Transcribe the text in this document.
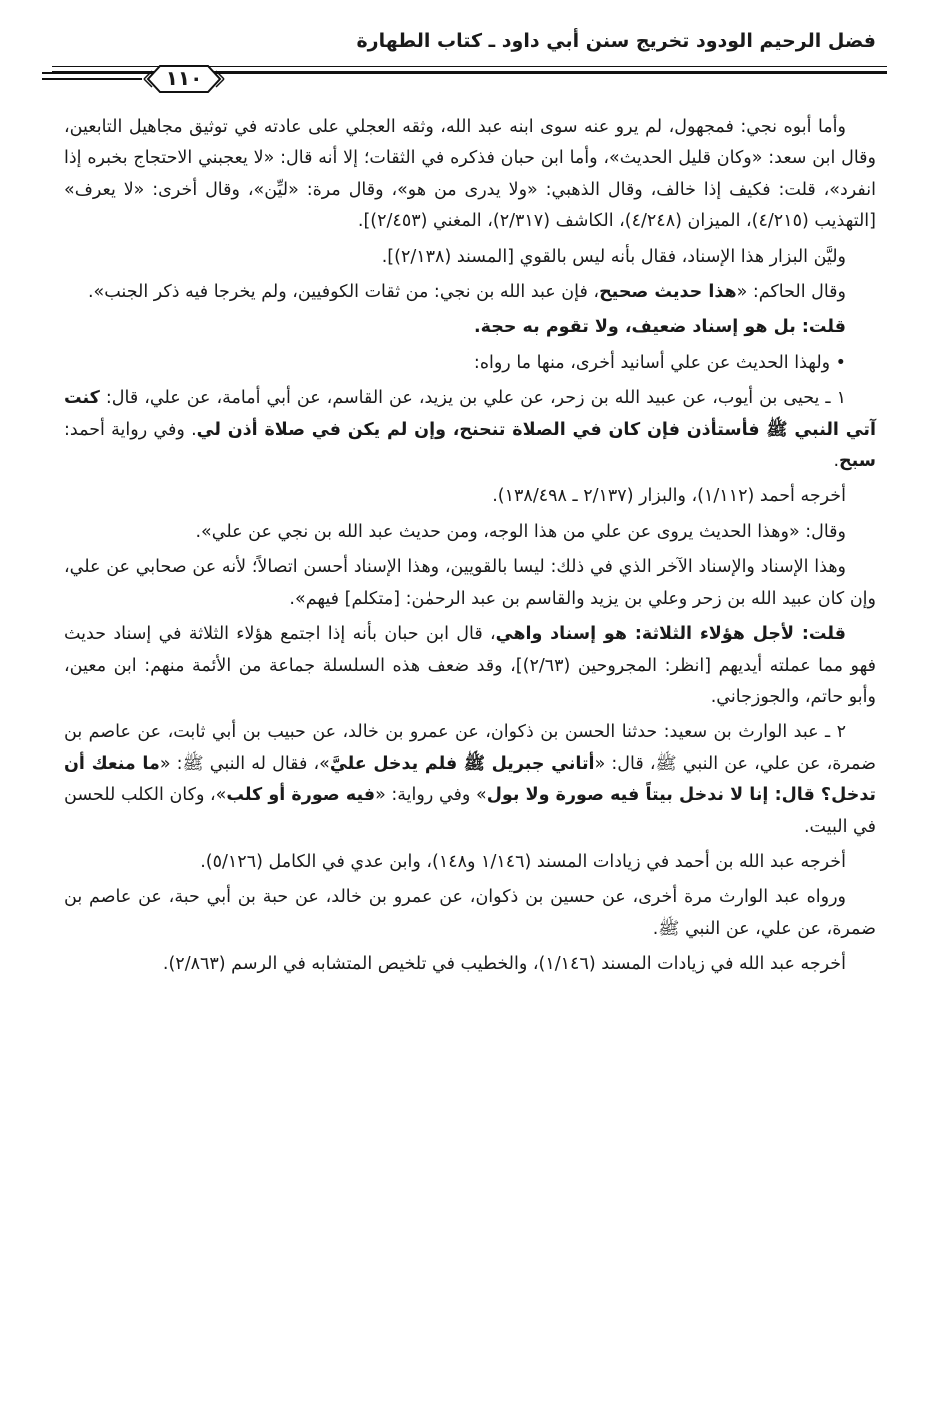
فضل الرحيم الودود تخريج سنن أبي داود ـ كتاب الطهارة
١١٠

وأما أبوه نجي: فمجهول، لم يرو عنه سوى ابنه عبد الله، وثقه العجلي على عادته في توثيق مجاهيل التابعين، وقال ابن سعد: «وكان قليل الحديث»، وأما ابن حبان فذكره في الثقات؛ إلا أنه قال: «لا يعجبني الاحتجاج بخبره إذا انفرد»، قلت: فكيف إذا خالف، وقال الذهبي: «ولا يدرى من هو»، وقال مرة: «ليِّن»، وقال أخرى: «لا يعرف» [التهذيب (٤/٢١٥)، الميزان (٤/٢٤٨)، الكاشف (٢/٣١٧)، المغني (٢/٤٥٣)].

وليَّن البزار هذا الإسناد، فقال بأنه ليس بالقوي [المسند (٢/١٣٨)].

وقال الحاكم: «هذا حديث صحيح، فإن عبد الله بن نجي: من ثقات الكوفيين، ولم يخرجا فيه ذكر الجنب».

قلت: بل هو إسناد ضعيف، ولا تقوم به حجة.

• ولهذا الحديث عن علي أسانيد أخرى، منها ما رواه:

١ ـ يحيى بن أيوب، عن عبيد الله بن زحر، عن علي بن يزيد، عن القاسم، عن أبي أمامة، عن علي، قال: كنت آتي النبي ﷺ فأستأذن فإن كان في الصلاة تنحنح، وإن لم يكن في صلاة أذن لي. وفي رواية أحمد: سبح.

أخرجه أحمد (١/١١٢)، والبزار (٢/١٣٧ ـ ١٣٨/٤٩٨).

وقال: «وهذا الحديث يروى عن علي من هذا الوجه، ومن حديث عبد الله بن نجي عن علي».

وهذا الإسناد والإسناد الآخر الذي في ذلك: ليسا بالقويين، وهذا الإسناد أحسن اتصالاً؛ لأنه عن صحابي عن علي، وإن كان عبيد الله بن زحر وعلي بن يزيد والقاسم بن عبد الرحمٰن: [متكلم] فيهم».

قلت: لأجل هؤلاء الثلاثة: هو إسناد واهي، قال ابن حبان بأنه إذا اجتمع هؤلاء الثلاثة في إسناد حديث فهو مما عملته أيديهم [انظر: المجروحين (٢/٦٣)]، وقد ضعف هذه السلسلة جماعة من الأئمة منهم: ابن معين، وأبو حاتم، والجوزجاني.

٢ ـ عبد الوارث بن سعيد: حدثنا الحسن بن ذكوان، عن عمرو بن خالد، عن حبيب بن أبي ثابت، عن عاصم بن ضمرة، عن علي، عن النبي ﷺ، قال: «أتاني جبريل ﷺ فلم يدخل عليَّ»، فقال له النبي ﷺ: «ما منعك أن تدخل؟ قال: إنا لا ندخل بيتاً فيه صورة ولا بول» وفي رواية: «فيه صورة أو كلب»، وكان الكلب للحسن في البيت.

أخرجه عبد الله بن أحمد في زيادات المسند (١/١٤٦ و١٤٨)، وابن عدي في الكامل (٥/١٢٦).

ورواه عبد الوارث مرة أخرى، عن حسين بن ذكوان، عن عمرو بن خالد، عن حبة بن أبي حبة، عن عاصم بن ضمرة، عن علي، عن النبي ﷺ.

أخرجه عبد الله في زيادات المسند (١/١٤٦)، والخطيب في تلخيص المتشابه في الرسم (٢/٨٦٣).
